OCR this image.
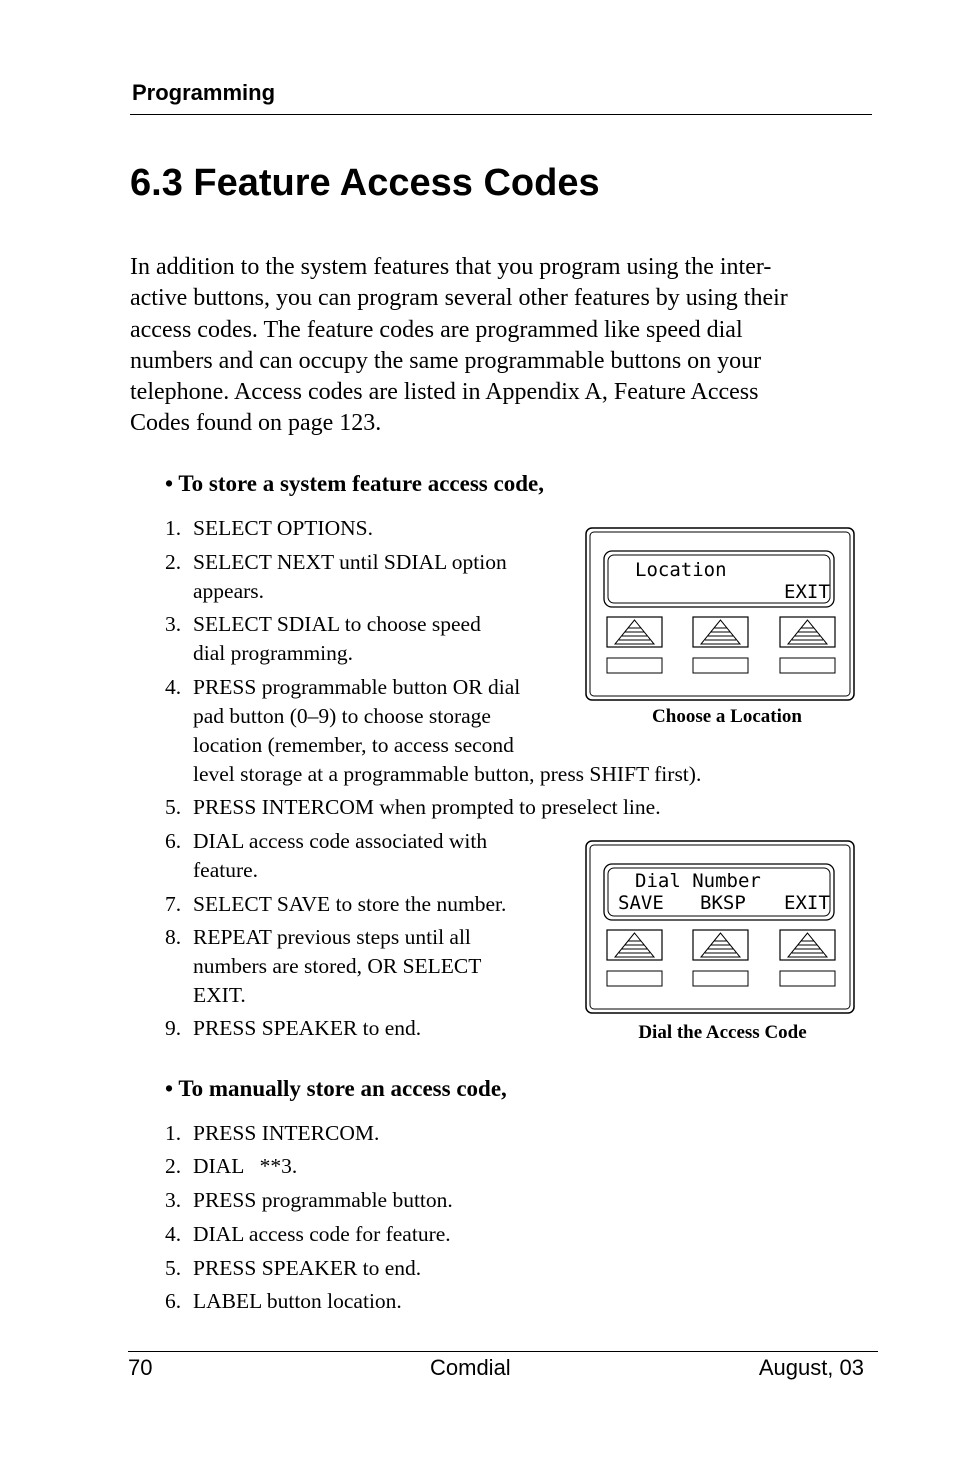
Programming
6.3 Feature Access Codes
In addition to the system features that you program using the inter-
active buttons, you can program several other features by using their
access codes. The feature codes are programmed like speed dial
numbers and can occupy the same programmable buttons on your
telephone. Access codes are listed in Appendix A, Feature Access
Codes found on page 123.
• To store a system feature access code,
1. SELECT OPTIONS.
2. SELECT NEXT until SDIAL option
appears.
3. SELECT SDIAL to choose speed
dial programming.
4. PRESS programmable button OR dial
pad button (0–9) to choose storage
location (remember, to access second
level storage at a programmable button, press SHIFT first).
5. PRESS INTERCOM when prompted to preselect line.
6. DIAL access code associated with
feature.
7. SELECT SAVE to store the number.
8. REPEAT previous steps until all
numbers are stored, OR SELECT
EXIT.
9. PRESS SPEAKER to end.
Location
EXIT
Choose a Location
Dial Number
SAVE BKSP EXIT
Dial the Access Code
• To manually store an access code,
1. PRESS INTERCOM.
2. DIAL   **3.
3. PRESS programmable button.
4. DIAL access code for feature.
5. PRESS SPEAKER to end.
6. LABEL button location.
70	Comdial	August, 03
